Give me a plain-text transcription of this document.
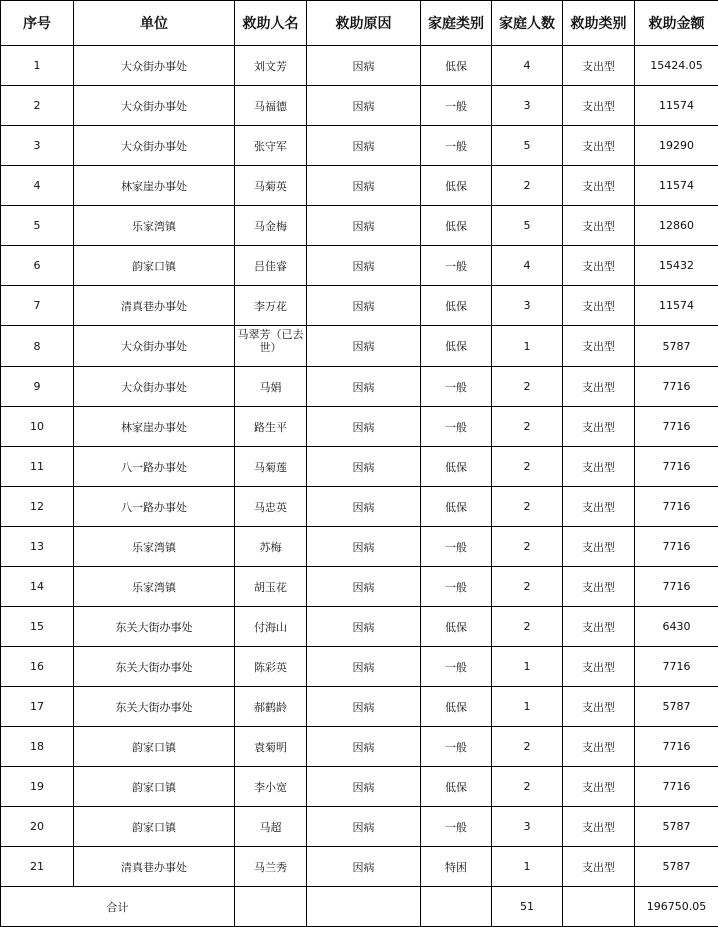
序号	单位	救助人名	救助原因	家庭类别	家庭人数	救助类别	救助金额
1	大众街办事处	刘文芳	因病	低保	4	支出型	15424.05
2	大众街办事处	马福德	因病	一般	3	支出型	11574
3	大众街办事处	张守军	因病	一般	5	支出型	19290
4	林家崖办事处	马菊英	因病	低保	2	支出型	11574
5	乐家湾镇	马金梅	因病	低保	5	支出型	12860
6	韵家口镇	吕佳睿	因病	一般	4	支出型	15432
7	清真巷办事处	李万花	因病	低保	3	支出型	11574
8	大众街办事处	马翠芳（已去世）	因病	低保	1	支出型	5787
9	大众街办事处	马娟	因病	一般	2	支出型	7716
10	林家崖办事处	路生平	因病	一般	2	支出型	7716
11	八一路办事处	马菊莲	因病	低保	2	支出型	7716
12	八一路办事处	马忠英	因病	低保	2	支出型	7716
13	乐家湾镇	苏梅	因病	一般	2	支出型	7716
14	乐家湾镇	胡玉花	因病	一般	2	支出型	7716
15	东关大街办事处	付海山	因病	低保	2	支出型	6430
16	东关大街办事处	陈彩英	因病	一般	1	支出型	7716
17	东关大街办事处	郝鹤龄	因病	低保	1	支出型	5787
18	韵家口镇	袁菊明	因病	一般	2	支出型	7716
19	韵家口镇	李小宽	因病	低保	2	支出型	7716
20	韵家口镇	马超	因病	一般	3	支出型	5787
21	清真巷办事处	马兰秀	因病	特困	1	支出型	5787
合计					51		196750.05
